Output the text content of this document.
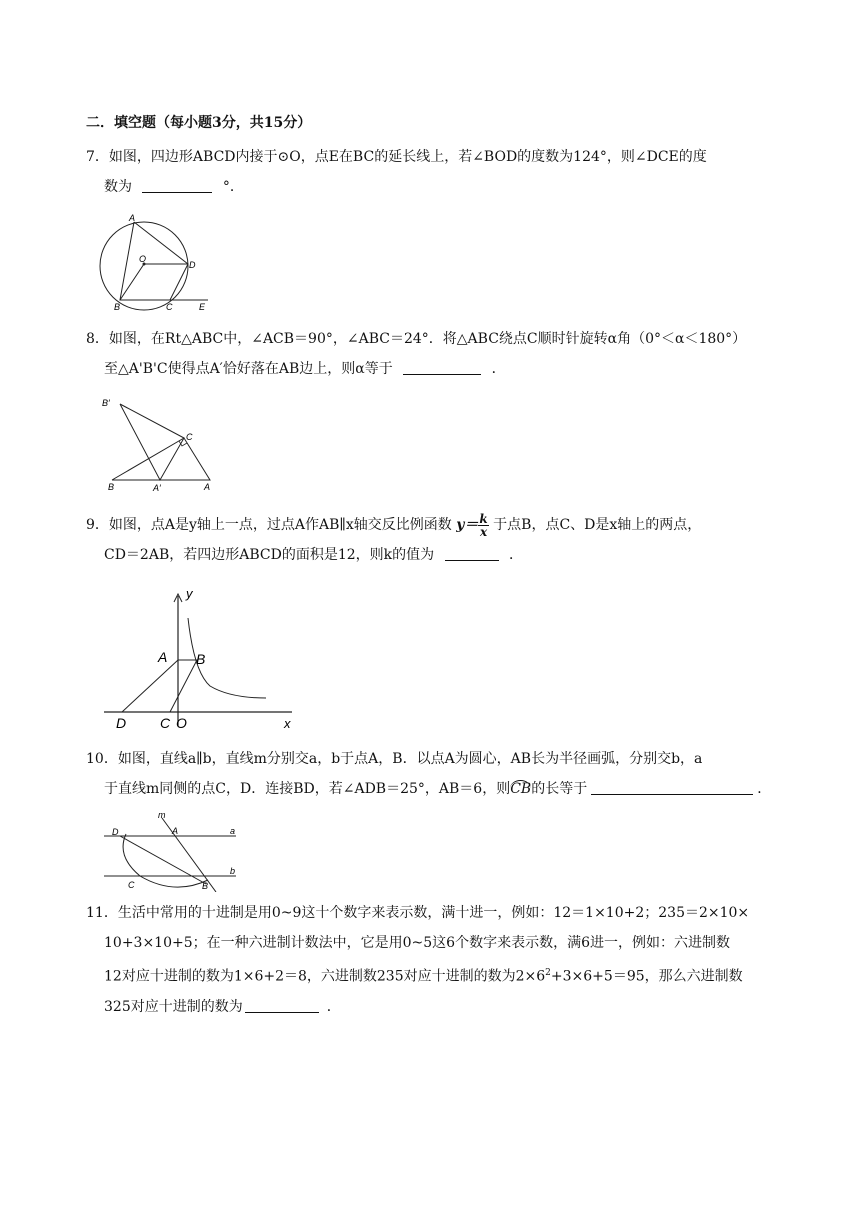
二．填空题（每小题3分，共15分）
7．如图，四边形ABCD内接于⊙O，点E在BC的延长线上，若∠BOD的度数为124°，则∠DCE的度
数为	°．
A
B	C
D
E
O
8．如图，在Rt△ABC中，∠ACB＝90°，∠ABC＝24°．将△ABC绕点C顺时针旋转α角（0°＜α＜180°）
至△A'B'C使得点A′恰好落在AB边上，则α等于	．
B′
C
B	A′	A
9．如图，点A是y轴上一点，过点A作AB∥x轴交反比例函数 $y= \frac{k}{x}$ 于点B，点C、D是x轴上的两点，
CD＝2AB，若四边形ABCD的面积是12，则k的值为	．
y
x
A B
D C O
10．如图，直线a∥b，直线m分别交a，b于点A，B．以点A为圆心，AB长为半径画弧，分别交b，a
于直线m同侧的点C，D．连接BD，若∠ADB＝25°，AB＝6，则CB的长等于	．
m
D	A	a
b
C	B
11．生活中常用的十进制是用0~9这十个数字来表示数，满十进一，例如：12＝1×10+2；235＝2×10×
10+3×10+5；在一种六进制计数法中，它是用0~5这6个数字来表示数，满6进一，例如：六进制数
12对应十进制的数为1×6+2＝8，六进制数235对应十进制的数为$2\times 6^2+3\times 6+5=95$，那么六进制数
325对应十进制的数为	．
